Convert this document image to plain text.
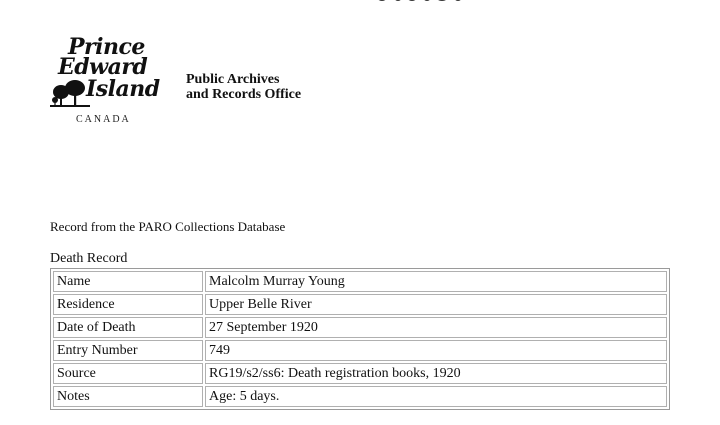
Prince
Edward
Island
CANADA
Public Archives
and Records Office
Record from the PARO Collections Database
Death Record
Name	Malcolm Murray Young
Residence	Upper Belle River
Date of Death	27 September 1920
Entry Number	749
Source	RG19/s2/ss6: Death registration books, 1920
Notes	Age: 5 days.
